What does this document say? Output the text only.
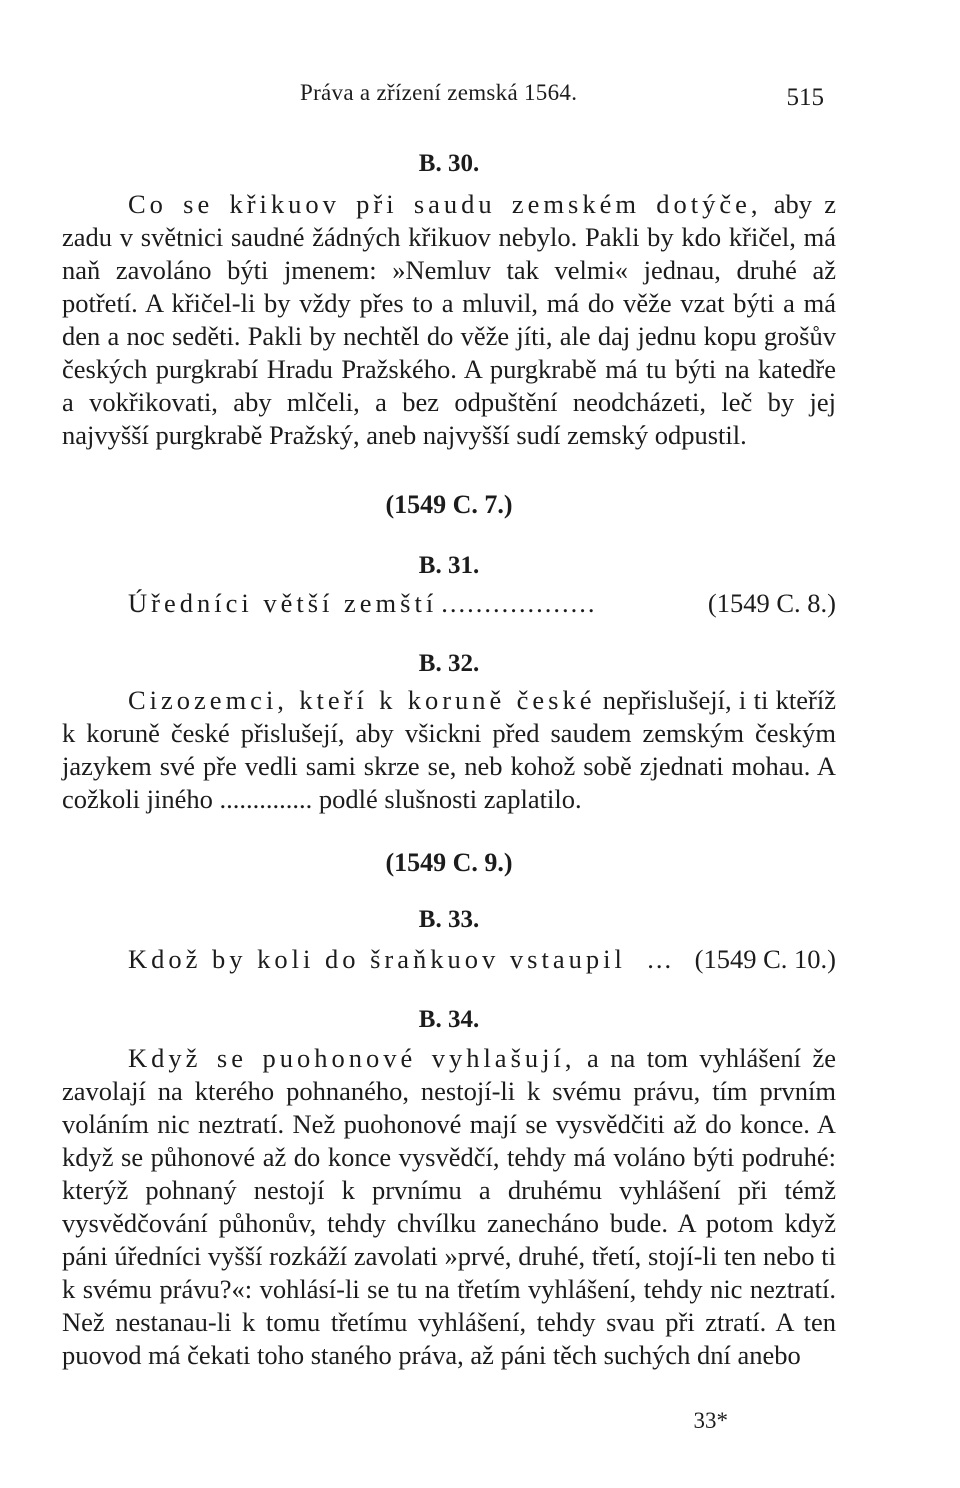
Práva a zřízení zemská 1564.	515
B. 30.

Co se křikuov při saudu zemském dotýče, aby z zadu v světnici saudné žádných křikuov nebylo. Pakli by kdo křičel, má naň zavoláno býti jmenem: »Nemluv tak velmi« jednau, druhé až potřetí. A křičel-li by vždy přes to a mluvil, má do věže vzat býti a má den a noc seděti. Pakli by nechtěl do věže jíti, ale daj jednu kopu grošův českých purgkrabí Hradu Pražského. A purgkrabě má tu býti na katedře a vokřikovati, aby mlčeli, a bez odpuštění neodcházeti, leč by jej najvyšší purgkrabě Pražský, aneb najvyšší sudí zemský odpustil.

(1549 C. 7.)
B. 31.
Úředníci větší zemští ..................	(1549 C. 8.)
B. 32.

Cizozemci, kteří k koruně české nepřislušejí, i ti kteříž k koruně české přislušejí, aby všickni před saudem zemským českým jazykem své pře vedli sami skrze se, neb kohož sobě zjednati mohau. A cožkoli jiného .............. podlé slušnosti zaplatilo.

(1549 C. 9.)
B. 33.
Kdož by koli do šraňkuov vstaupil ... (1549 C. 10.)
B. 34.

Když se puohonové vyhlašují, a na tom vyhlášení že zavolají na kterého pohnaného, nestojí-li k svému právu, tím prvním voláním nic neztratí. Než puohonové mají se vysvědčiti až do konce. A když se půhonové až do konce vysvědčí, tehdy má voláno býti podruhé: kterýž pohnaný nestojí k prvnímu a druhému vyhlášení při témž vysvědčování půhonův, tehdy chvílku zanecháno bude. A potom když páni úředníci vyšší rozkáží zavolati »prvé, druhé, třetí, stojí-li ten nebo ti k svému právu?«: vohlásí-li se tu na třetím vyhlášení, tehdy nic neztratí. Než nestanau-li k tomu třetímu vyhlášení, tehdy svau při ztratí. A ten puovod má čekati toho staného práva, až páni těch suchých dní anebo

33*
